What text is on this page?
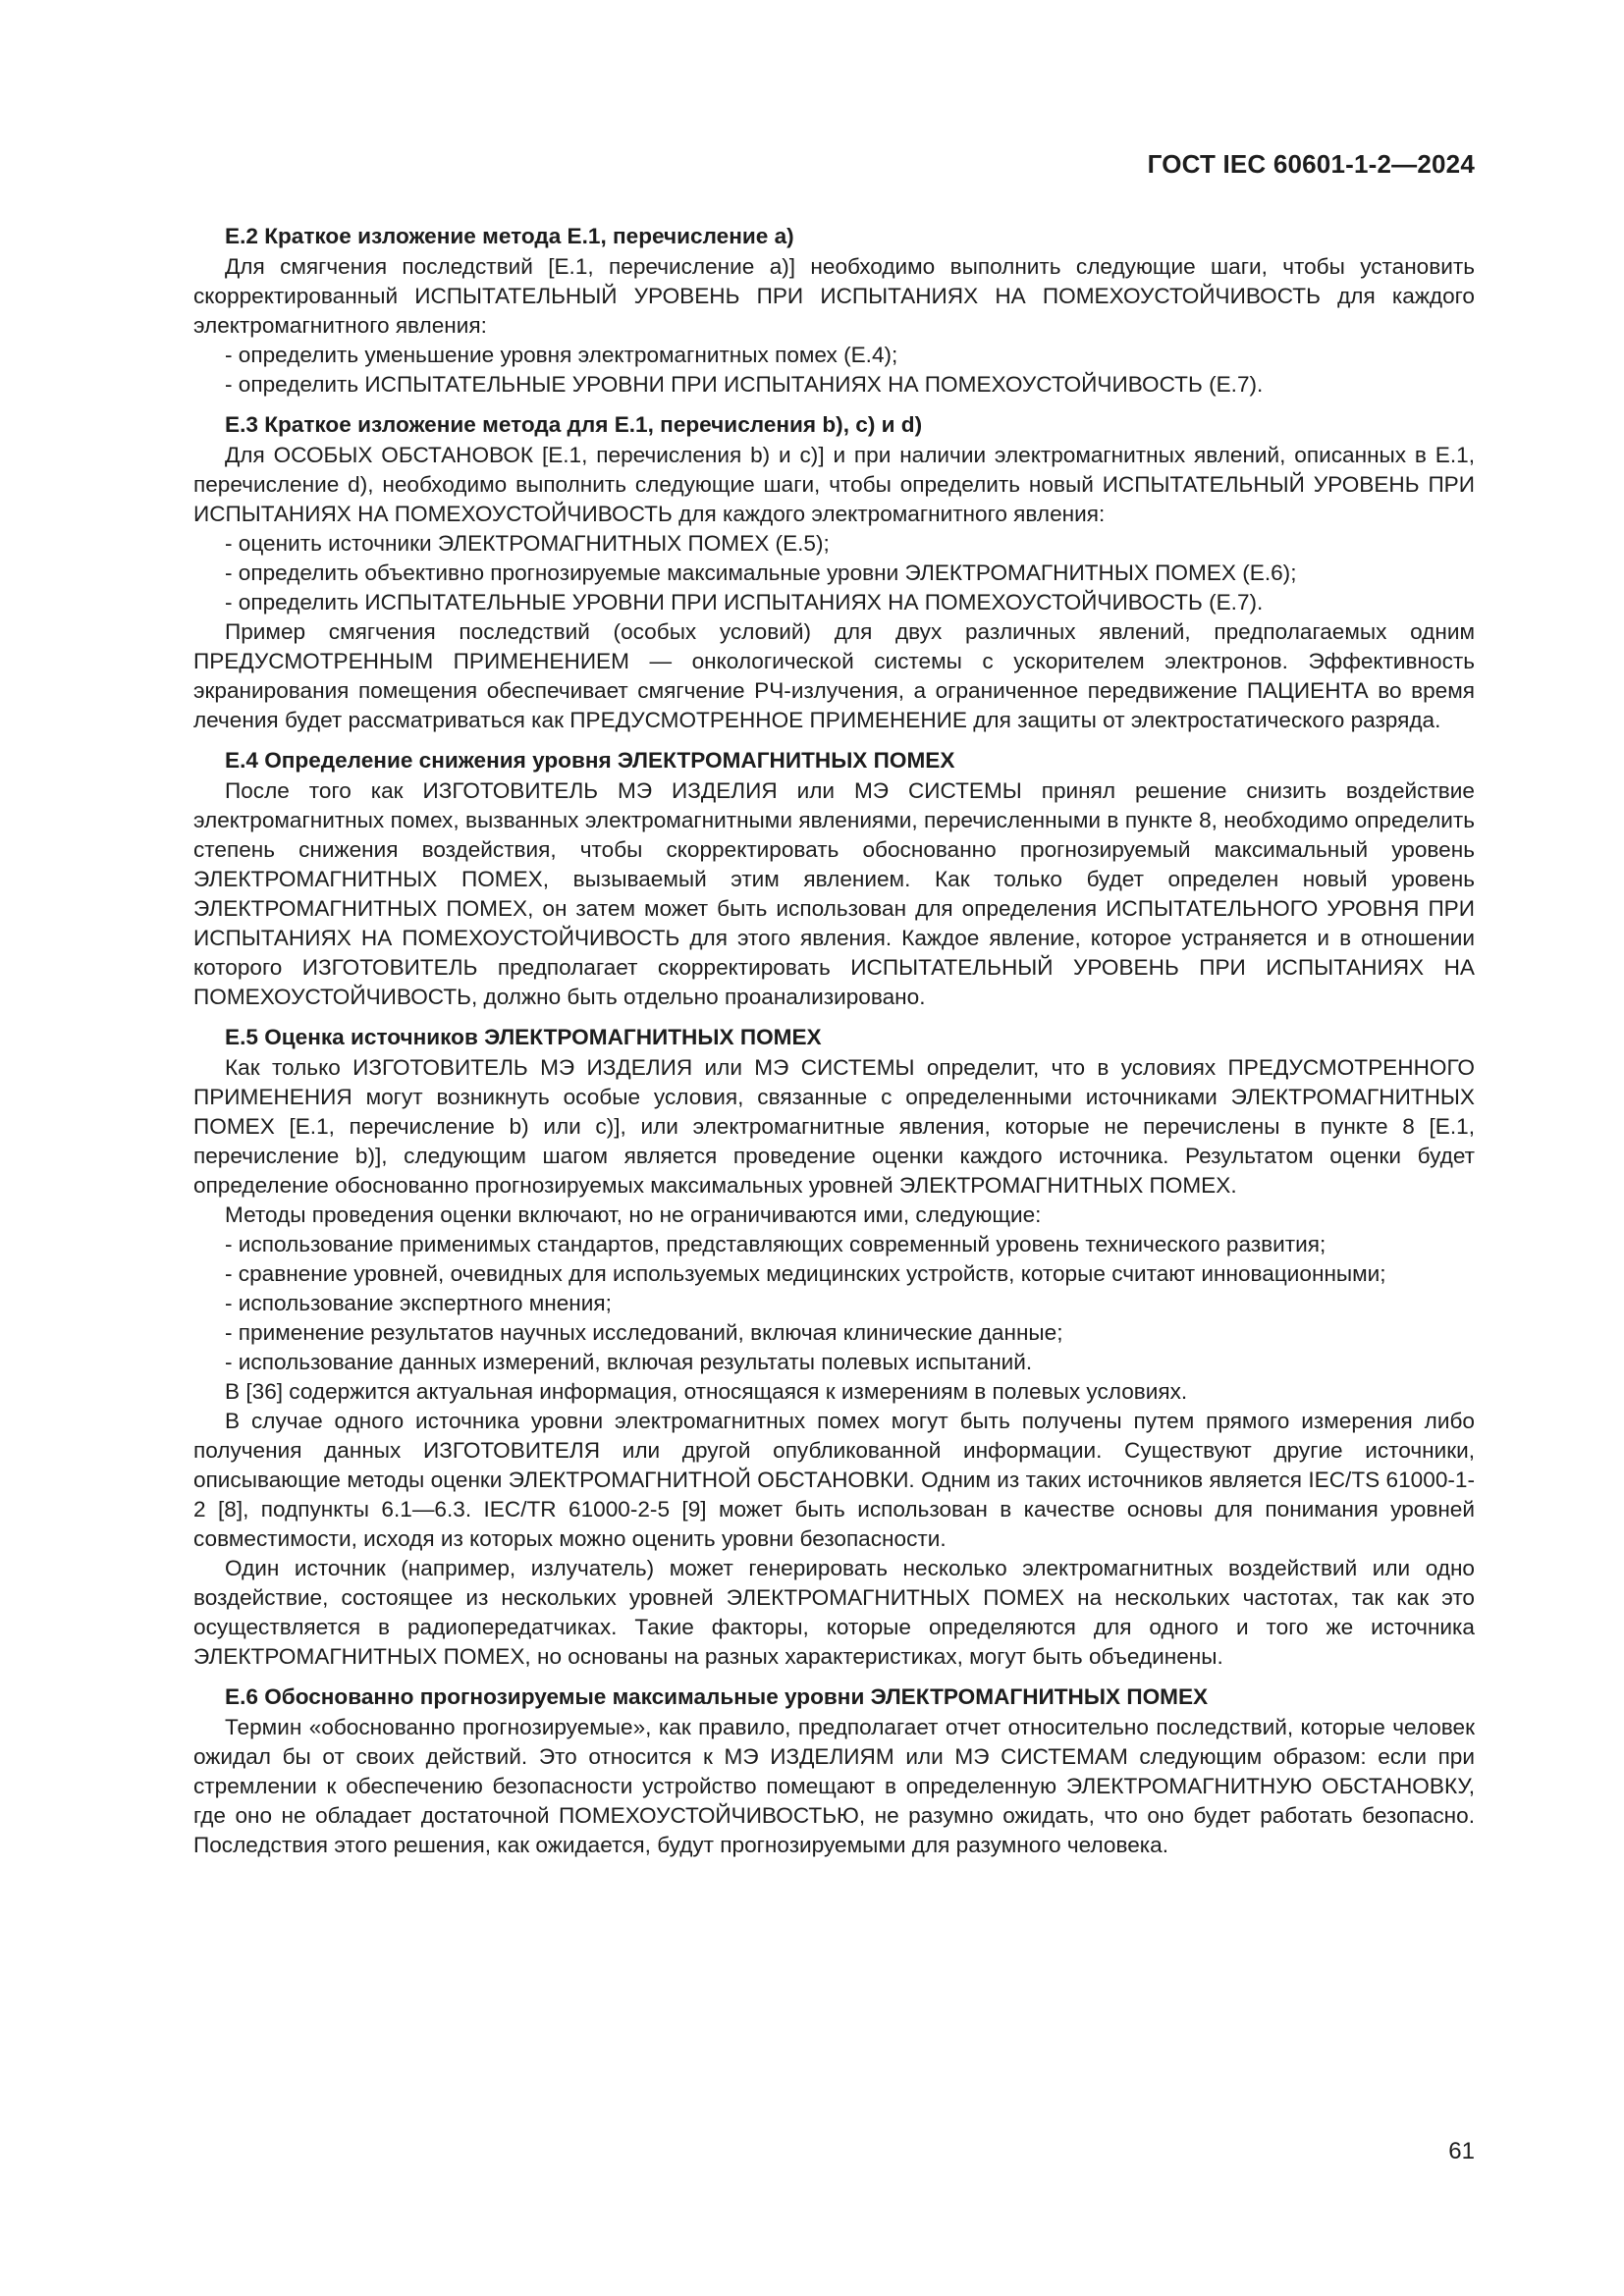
ГОСТ IEC 60601-1-2—2024
Е.2 Краткое изложение метода Е.1, перечисление а)

Для смягчения последствий [Е.1, перечисление а)] необходимо выполнить следующие шаги, чтобы установить скорректированный ИСПЫТАТЕЛЬНЫЙ УРОВЕНЬ ПРИ ИСПЫТАНИЯХ НА ПОМЕХОУСТОЙЧИВОСТЬ для каждого электромагнитного явления:

- определить уменьшение уровня электромагнитных помех (Е.4);

- определить ИСПЫТАТЕЛЬНЫЕ УРОВНИ ПРИ ИСПЫТАНИЯХ НА ПОМЕХОУСТОЙЧИВОСТЬ (Е.7).

Е.3 Краткое изложение метода для Е.1, перечисления b), c) и d)

Для ОСОБЫХ ОБСТАНОВОК [Е.1, перечисления b) и c)] и при наличии электромагнитных явлений, описанных в Е.1, перечисление d), необходимо выполнить следующие шаги, чтобы определить новый ИСПЫТАТЕЛЬНЫЙ УРОВЕНЬ ПРИ ИСПЫТАНИЯХ НА ПОМЕХОУСТОЙЧИВОСТЬ для каждого электромагнитного явления:

- оценить источники ЭЛЕКТРОМАГНИТНЫХ ПОМЕХ (Е.5);

- определить объективно прогнозируемые максимальные уровни ЭЛЕКТРОМАГНИТНЫХ ПОМЕХ (Е.6);

- определить ИСПЫТАТЕЛЬНЫЕ УРОВНИ ПРИ ИСПЫТАНИЯХ НА ПОМЕХОУСТОЙЧИВОСТЬ (Е.7).

Пример смягчения последствий (особых условий) для двух различных явлений, предполагаемых одним ПРЕДУСМОТРЕННЫМ ПРИМЕНЕНИЕМ — онкологической системы с ускорителем электронов. Эффективность экранирования помещения обеспечивает смягчение РЧ-излучения, а ограниченное передвижение ПАЦИЕНТА во время лечения будет рассматриваться как ПРЕДУСМОТРЕННОЕ ПРИМЕНЕНИЕ для защиты от электростатического разряда.

Е.4 Определение снижения уровня ЭЛЕКТРОМАГНИТНЫХ ПОМЕХ

После того как ИЗГОТОВИТЕЛЬ МЭ ИЗДЕЛИЯ или МЭ СИСТЕМЫ принял решение снизить воздействие электромагнитных помех, вызванных электромагнитными явлениями, перечисленными в пункте 8, необходимо определить степень снижения воздействия, чтобы скорректировать обоснованно прогнозируемый максимальный уровень ЭЛЕКТРОМАГНИТНЫХ ПОМЕХ, вызываемый этим явлением. Как только будет определен новый уровень ЭЛЕКТРОМАГНИТНЫХ ПОМЕХ, он затем может быть использован для определения ИСПЫТАТЕЛЬНОГО УРОВНЯ ПРИ ИСПЫТАНИЯХ НА ПОМЕХОУСТОЙЧИВОСТЬ для этого явления. Каждое явление, которое устраняется и в отношении которого ИЗГОТОВИТЕЛЬ предполагает скорректировать ИСПЫТАТЕЛЬНЫЙ УРОВЕНЬ ПРИ ИСПЫТАНИЯХ НА ПОМЕХОУСТОЙЧИВОСТЬ, должно быть отдельно проанализировано.

Е.5 Оценка источников ЭЛЕКТРОМАГНИТНЫХ ПОМЕХ

Как только ИЗГОТОВИТЕЛЬ МЭ ИЗДЕЛИЯ или МЭ СИСТЕМЫ определит, что в условиях ПРЕДУСМОТРЕННОГО ПРИМЕНЕНИЯ могут возникнуть особые условия, связанные с определенными источниками ЭЛЕКТРОМАГНИТНЫХ ПОМЕХ [Е.1, перечисление b) или c)], или электромагнитные явления, которые не перечислены в пункте 8 [Е.1, перечисление b)], следующим шагом является проведение оценки каждого источника. Результатом оценки будет определение обоснованно прогнозируемых максимальных уровней ЭЛЕКТРОМАГНИТНЫХ ПОМЕХ.

Методы проведения оценки включают, но не ограничиваются ими, следующие:

- использование применимых стандартов, представляющих современный уровень технического развития;

- сравнение уровней, очевидных для используемых медицинских устройств, которые считают инновационными;

- использование экспертного мнения;

- применение результатов научных исследований, включая клинические данные;

- использование данных измерений, включая результаты полевых испытаний.

В [36] содержится актуальная информация, относящаяся к измерениям в полевых условиях.

В случае одного источника уровни электромагнитных помех могут быть получены путем прямого измерения либо получения данных ИЗГОТОВИТЕЛЯ или другой опубликованной информации. Существуют другие источники, описывающие методы оценки ЭЛЕКТРОМАГНИТНОЙ ОБСТАНОВКИ. Одним из таких источников является IEC/TS 61000-1-2 [8], подпункты 6.1—6.3. IEC/TR 61000-2-5 [9] может быть использован в качестве основы для понимания уровней совместимости, исходя из которых можно оценить уровни безопасности.

Один источник (например, излучатель) может генерировать несколько электромагнитных воздействий или одно воздействие, состоящее из нескольких уровней ЭЛЕКТРОМАГНИТНЫХ ПОМЕХ на нескольких частотах, так как это осуществляется в радиопередатчиках. Такие факторы, которые определяются для одного и того же источника ЭЛЕКТРОМАГНИТНЫХ ПОМЕХ, но основаны на разных характеристиках, могут быть объединены.

Е.6 Обоснованно прогнозируемые максимальные уровни ЭЛЕКТРОМАГНИТНЫХ ПОМЕХ

Термин «обоснованно прогнозируемые», как правило, предполагает отчет относительно последствий, которые человек ожидал бы от своих действий. Это относится к МЭ ИЗДЕЛИЯМ или МЭ СИСТЕМАМ следующим образом: если при стремлении к обеспечению безопасности устройство помещают в определенную ЭЛЕКТРОМАГНИТНУЮ ОБСТАНОВКУ, где оно не обладает достаточной ПОМЕХОУСТОЙЧИВОСТЬЮ, не разумно ожидать, что оно будет работать безопасно. Последствия этого решения, как ожидается, будут прогнозируемыми для разумного человека.

61
